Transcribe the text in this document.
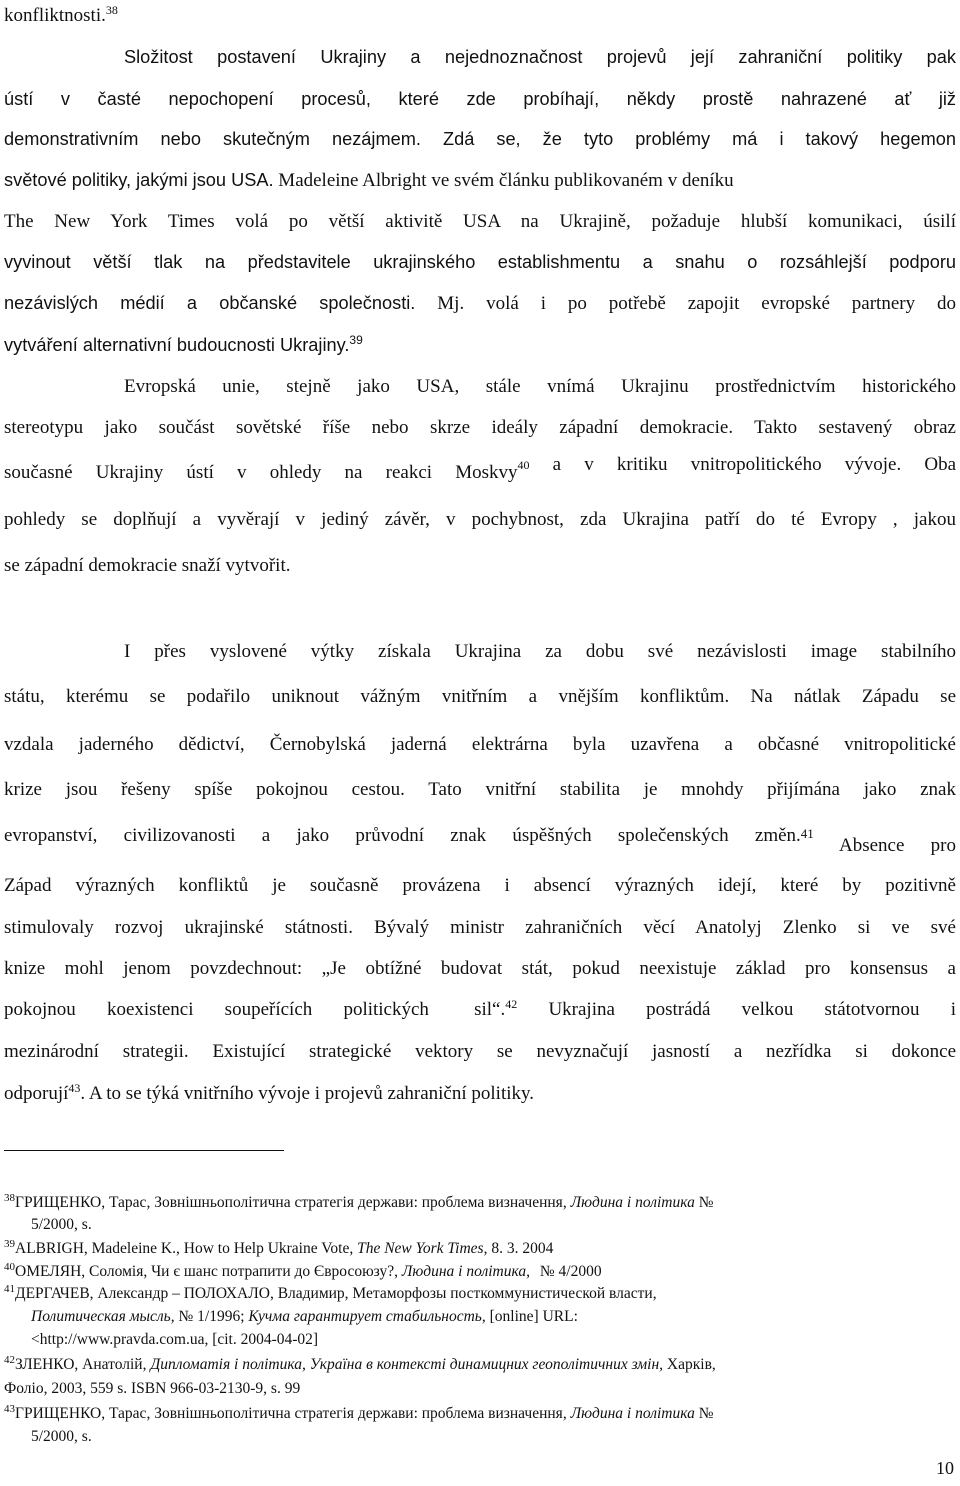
konfliktnosti.$^{38}$
Složitost postavení Ukrajiny a nejednoznačnost projevů její zahraniční politiky pak
ústí v časté nepochopení procesů, které zde probíhají, někdy prostě nahrazené ať již
demonstrativním nebo skutečným nezájmem. Zdá se, že tyto problémy má i takový hegemon
světové politiky, jakými jsou USA. Madeleine Albright ve svém článku publikovaném v deníku
The New York Times volá po větší aktivitě USA na Ukrajině, požaduje hlubší komunikaci, úsilí
vyvinout větší tlak na představitele ukrajinského establishmentu a snahu o rozsáhlejší podporu
nezávislých médií a občanské společnosti. Mj. volá i po potřebě zapojit evropské partnery do
vytváření alternativní budoucnosti Ukrajiny.$^{39}$
Evropská unie, stejně jako USA, stále vnímá Ukrajinu prostřednictvím historického
stereotypu jako součást sovětské říše nebo skrze ideály západní demokracie. Takto sestavený obraz
současné Ukrajiny ústí v ohledy na reakci Moskvy$^{40}$ a v kritiku vnitropolitického vývoje. Oba
pohledy se doplňují a vyvěrají v jediný závěr, v pochybnost, zda Ukrajina patří do té Evropy , jakou
se západní demokracie snaží vytvořit.
I přes vyslovené výtky získala Ukrajina za dobu své nezávislosti image stabilního
státu, kterému se podařilo uniknout vážným vnitřním a vnějším konfliktům. Na nátlak Západu se
vzdala jaderného dědictví, Černobylská jaderná elektrárna byla uzavřena a občasné vnitropolitické
krize jsou řešeny spíše pokojnou cestou. Tato vnitřní stabilita je mnohdy přijímána jako znak
evropanství, civilizovanosti a jako průvodní znak úspěšných společenských změn.41 Absence pro
Západ výrazných konfliktů je současně provázena i absencí výrazných idejí, které by pozitivně
stimulovaly rozvoj ukrajinské státnosti. Bývalý ministr zahraničních věcí Anatolyj Zlenko si ve své
knize mohl jenom povzdechnout: „Je obtížné budovat stát, pokud neexistuje základ pro konsensus a
pokojnou koexistenci soupeřících politických sil“.$^{42}$ Ukrajina postrádá velkou státotvornou i
mezinárodní strategii. Existující strategické vektory se nevyznačují jasností a nezřídka si dokonce
odporují$^{43}$. A to se týká vnitřního vývoje i projevů zahraniční politiky.
$^{38}$ГРИЩЕНКО, Тарас, Зовнішньополітична стратегія держави: проблема визначення, Людина і політика №
5/2000, s.
$^{39}$ALBRIGH, Madeleine K., How to Help Ukraine Vote, The New York Times, 8. 3. 2004
$^{40}$ОМЕЛЯН, Соломія, Чи є шанс потрапити до Євросоюзу?, Людина і політика, № 4/2000
$^{41}$ДЕРГАЧЕВ, Александр – ПОЛОХАЛО, Владимир, Метаморфозы посткоммунистической власти,
Политическая мысль, № 1/1996; Кучма гарантирует стабильность, [online] URL:
<http://www.pravda.com.ua, [cit. 2004-04-02]
$^{42}$ЗЛЕНКО, Анатолій, Дипломатія і політика, Україна в контексті динамицних геополітичних змін, Харків,
Фоліо, 2003, 559 s. ISBN 966-03-2130-9, s. 99
$^{43}$ГРИЩЕНКО, Тарас, Зовнішньополітична стратегія держави: проблема визначення, Людина і політика №
5/2000, s.
10
